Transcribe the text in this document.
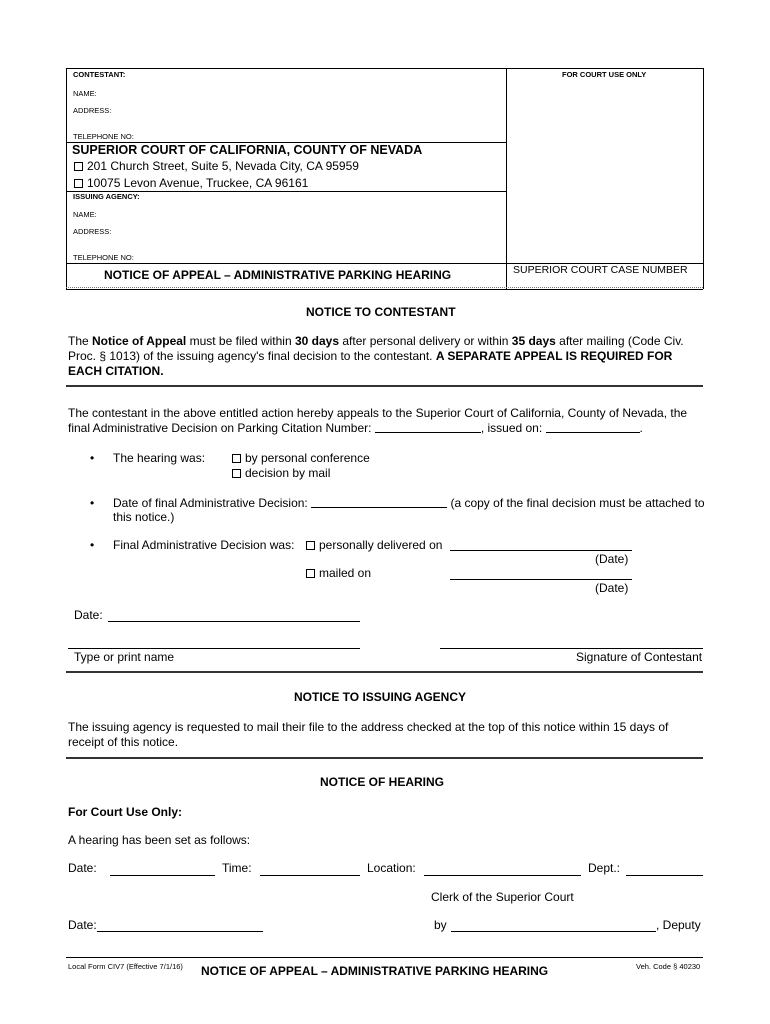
CONTESTANT:	FOR COURT USE ONLY
NAME:
ADDRESS:
TELEPHONE NO:
SUPERIOR COURT OF CALIFORNIA, COUNTY OF NEVADA
201 Church Street, Suite 5, Nevada City, CA 95959
10075 Levon Avenue, Truckee, CA 96161
ISSUING AGENCY:
NAME:
ADDRESS:
TELEPHONE NO:
NOTICE OF APPEAL – ADMINISTRATIVE PARKING HEARING	SUPERIOR COURT CASE NUMBER
NOTICE TO CONTESTANT
The Notice of Appeal must be filed within 30 days after personal delivery or within 35 days after mailing (Code Civ. Proc. § 1013) of the issuing agency's final decision to the contestant. A SEPARATE APPEAL IS REQUIRED FOR EACH CITATION.
The contestant in the above entitled action hereby appeals to the Superior Court of California, County of Nevada, the
final Administrative Decision on Parking Citation Number:	, issued on:	.
• The hearing was:	by personal conference
decision by mail
• Date of final Administrative Decision:	(a copy of the final decision must be attached to
this notice.)
• Final Administrative Decision was:	personally delivered on
(Date)
mailed on
(Date)
Date:
Type or print name	Signature of Contestant
NOTICE TO ISSUING AGENCY
The issuing agency is requested to mail their file to the address checked at the top of this notice within 15 days of
receipt of this notice.
NOTICE OF HEARING
For Court Use Only:
A hearing has been set as follows:
Date:	Time:	Location:	Dept.:
Clerk of the Superior Court
Date:	by	, Deputy
Local Form CIV7 (Effective 7/1/16) NOTICE OF APPEAL – ADMINISTRATIVE PARKING HEARING	Veh. Code § 40230
